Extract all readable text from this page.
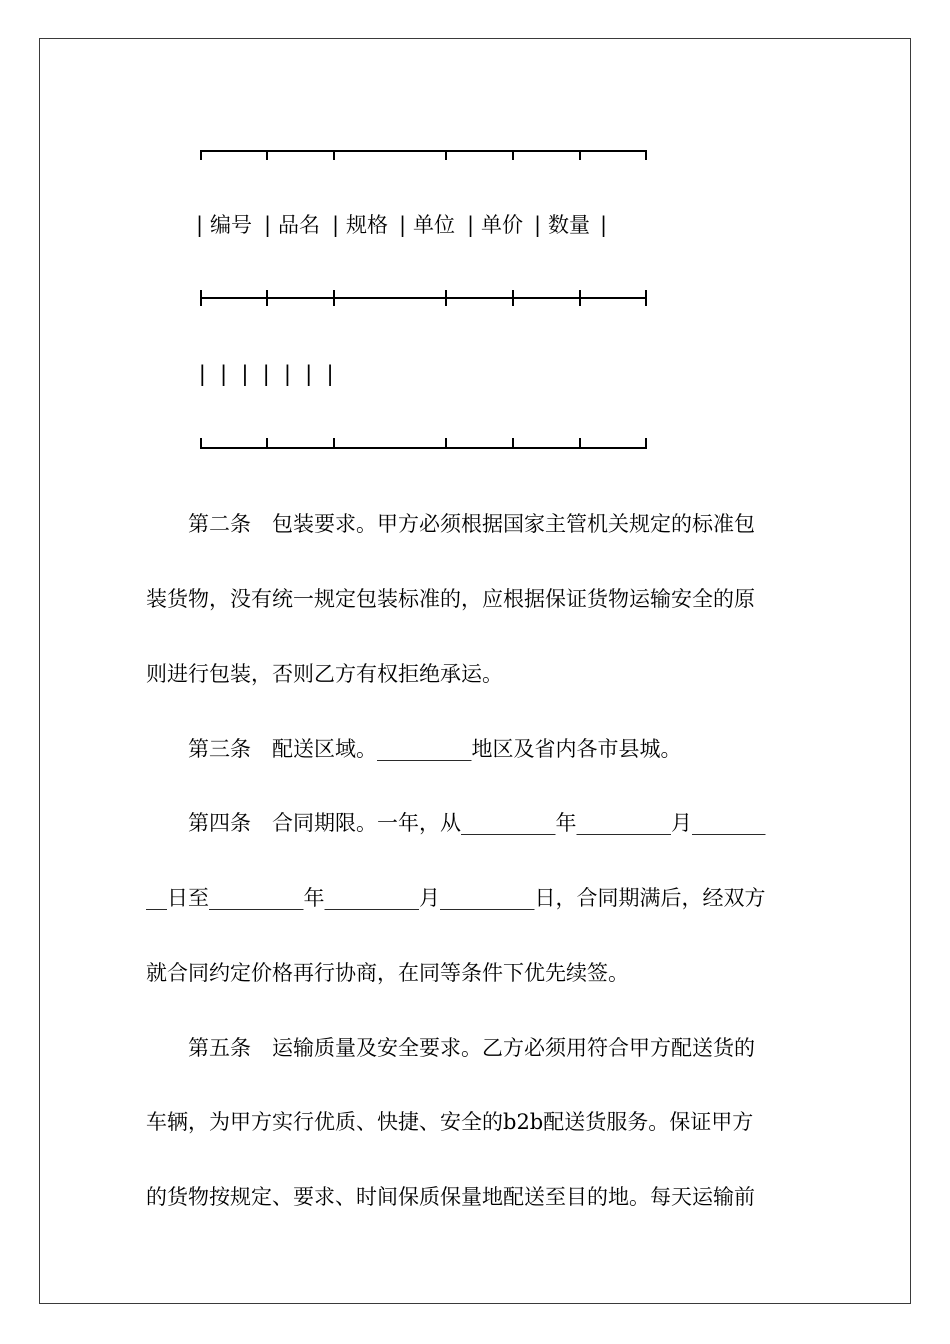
| 编号 | 品名 | 规格 | 单位 | 单价 | 数量 |
| | | | | | |

第二条　包装要求。甲方必须根据国家主管机关规定的标准包

装货物，没有统一规定包装标准的，应根据保证货物运输安全的原

则进行包装，否则乙方有权拒绝承运。

第三条　配送区域。_________地区及省内各市县城。

第四条　合同期限。一年，从_________年_________月_______

__日至_________年_________月_________日，合同期满后，经双方

就合同约定价格再行协商，在同等条件下优先续签。

第五条　运输质量及安全要求。乙方必须用符合甲方配送货的

车辆，为甲方实行优质、快捷、安全的b2b配送货服务。保证甲方

的货物按规定、要求、时间保质保量地配送至目的地。每天运输前
